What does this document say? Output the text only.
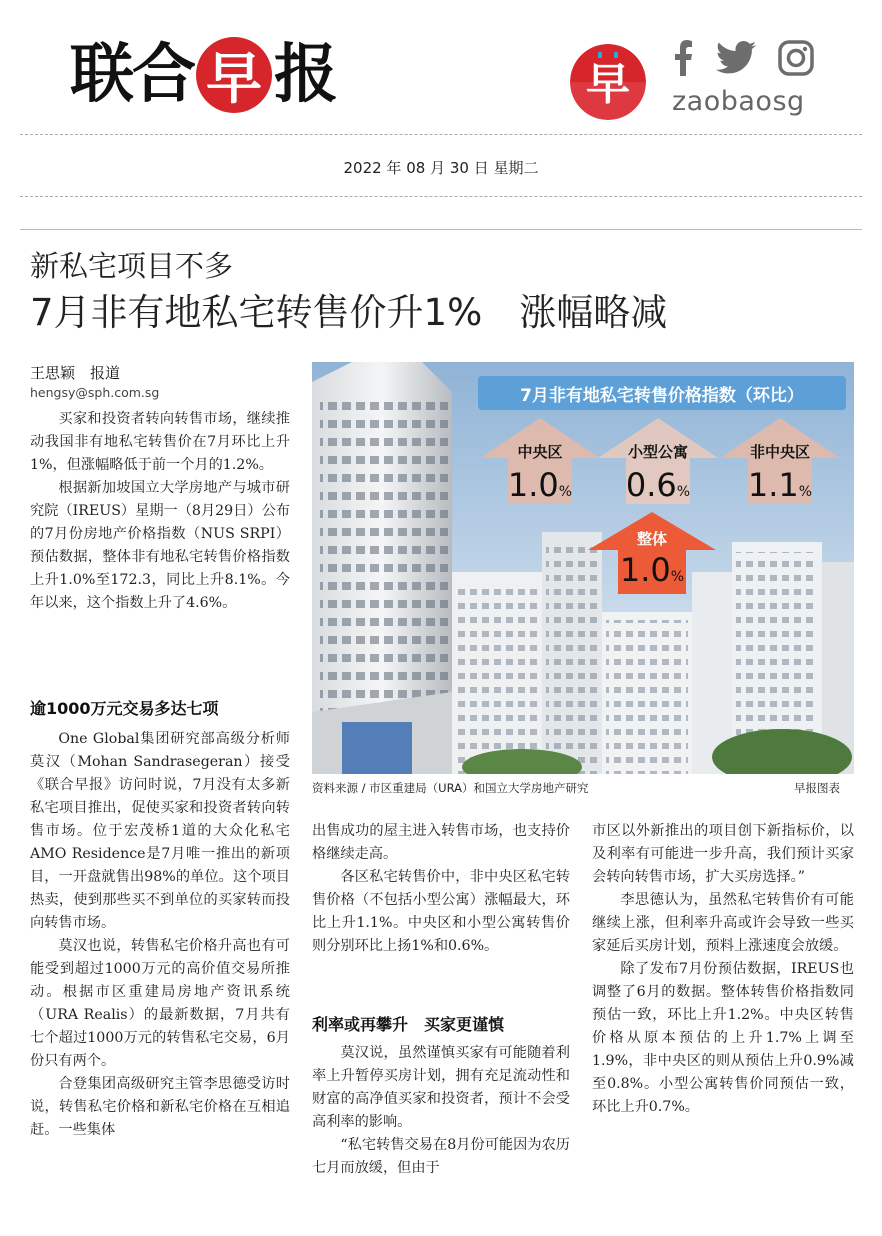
联 合 早 报	早 zaobaosg
2022 年 08 月 30 日 星期二
新私宅项目不多
7月非有地私宅转售价升1%　涨幅略减
王思颖　报道
hengsy@sph.com.sg	7月非有地私宅转售价格指数（环比）
中央区
1.0%
小型公寓
0.6%
非中央区
1.1%
整体
1.0%
资料来源 / 市区重建局（URA）和国立大学房地产研究	早报图表

买家和投资者转向转售市场，继续推动我国非有地私宅转售价在7月环比上升1%，但涨幅略低于前一个月的1.2%。

根据新加坡国立大学房地产与城市研究院（IREUS）星期一（8月29日）公布的7月份房地产价格指数（NUS SRPI）预估数据，整体非有地私宅转售价格指数上升1.0%至172.3，同比上升8.1%。今年以来，这个指数上升了4.6%。

逾1000万元交易多达七项

One Global集团研究部高级分析师莫汉（Mohan Sandrasegeran）接受《联合早报》访问时说，7月没有太多新私宅项目推出，促使买家和投资者转向转售市场。位于宏茂桥1道的大众化私宅AMO Residence是7月唯一推出的新项目，一开盘就售出98%的单位。这个项目热卖，使到那些买不到单位的买家转而投向转售市场。

莫汉也说，转售私宅价格升高也有可能受到超过1000万元的高价值交易所推动。根据市区重建局房地产资讯系统（URA Realis）的最新数据，7月共有七个超过1000万元的转售私宅交易，6月份只有两个。

合登集团高级研究主管李思德受访时说，转售私宅价格和新私宅价格在互相追赶。一些集体

出售成功的屋主进入转售市场，也支持价格继续走高。

各区私宅转售价中，非中央区私宅转售价格（不包括小型公寓）涨幅最大，环比上升1.1%。中央区和小型公寓转售价则分别环比上扬1%和0.6%。

利率或再攀升　买家更谨慎

莫汉说，虽然谨慎买家有可能随着利率上升暂停买房计划，拥有充足流动性和财富的高净值买家和投资者，预计不会受高利率的影响。

“私宅转售交易在8月份可能因为农历七月而放缓，但由于

市区以外新推出的项目创下新指标价，以及利率有可能进一步升高，我们预计买家会转向转售市场，扩大买房选择。”

李思德认为，虽然私宅转售价有可能继续上涨，但利率升高或许会导致一些买家延后买房计划，预料上涨速度会放缓。

除了发布7月份预估数据，IREUS也调整了6月的数据。整体转售价格指数同预估一致，环比上升1.2%。中央区转售价格从原本预估的上升1.7%上调至1.9%，非中央区的则从预估上升0.9%减至0.8%。小型公寓转售价同预估一致，环比上升0.7%。
